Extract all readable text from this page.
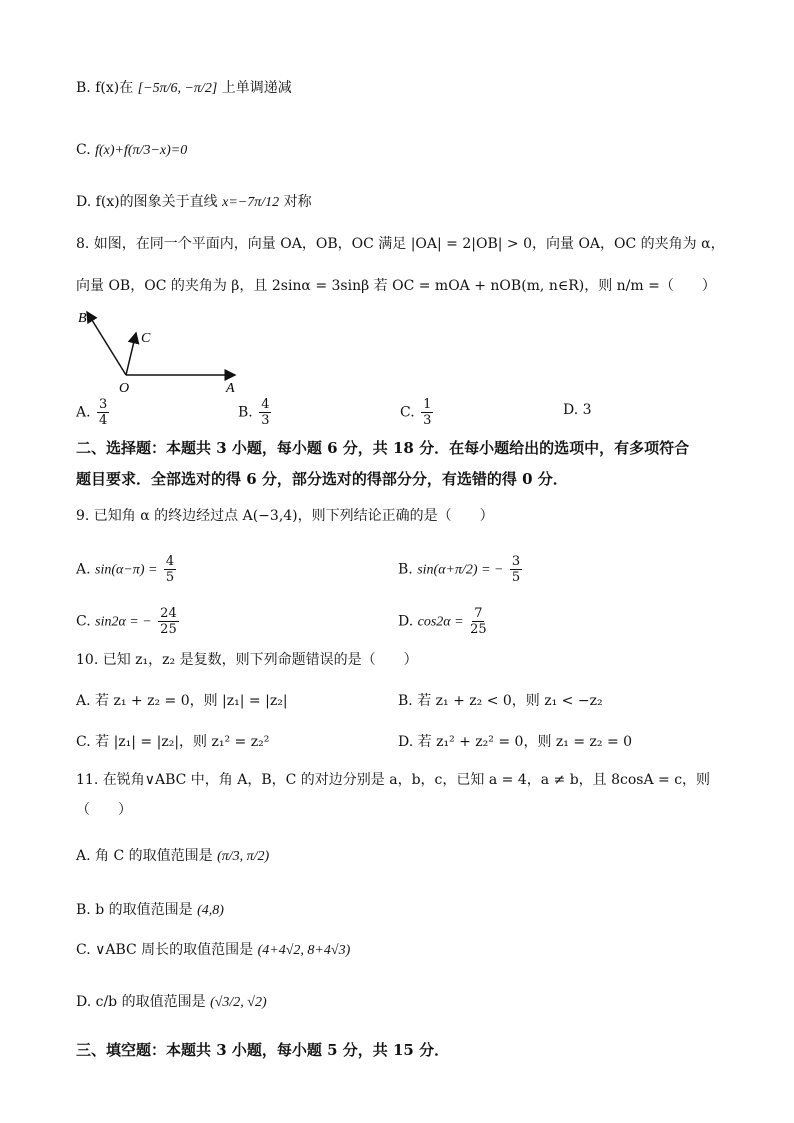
B. f(x)在 [−5π/6, −π/2] 上单调递减
C. f(x)+f(π/3−x)=0
D. f(x)的图象关于直线 x=−7π/12 对称
8. 如图，在同一个平面内，向量 OA，OB，OC 满足 |OA| = 2|OB| > 0，向量 OA，OC 的夹角为 α，
向量 OB，OC 的夹角为 β，且 2sinα = 3sinβ 若 OC = mOA + nOB(m, n∈R)，则 n/m =（　　）
B
C
O	A
A. $\frac{3}{4}$	B. $\frac{4}{3}$	C. $\frac{1}{3}$	D. 3
二、选择题：本题共 3 小题，每小题 6 分，共 18 分．在每小题给出的选项中，有多项符合
题目要求．全部选对的得 6 分，部分选对的得部分分，有选错的得 0 分．
9. 已知角 α 的终边经过点 A(−3,4)，则下列结论正确的是（　　）
A. $\sin(\alpha-\pi) = \frac{4}{5}$	B. sin(α+π/2) = − $\frac{3}{5}$
C. sin2α = − $\frac{24}{25}$	D. $\cos 2\alpha = \frac{7}{25}$
10. 已知 z₁，z₂ 是复数，则下列命题错误的是（　　）
A. 若 z₁ + z₂ = 0，则 |z₁| = |z₂|	B. 若 z₁ + z₂ < 0，则 z₁ < −z₂
C. 若 |z₁| = |z₂|，则 z₁² = z₂²	D. 若 z₁² + z₂² = 0，则 z₁ = z₂ = 0
11. 在锐角∨ABC 中，角 A，B，C 的对边分别是 a，b，c，已知 a = 4，a ≠ b，且 8cosA = c，则
（　　）
A. 角 C 的取值范围是 (π/3, π/2)
B. b 的取值范围是 (4,8)
C. ∨ABC 周长的取值范围是 (4+4√2, 8+4√3)
D. c/b 的取值范围是 (√3/2, √2)
三、填空题：本题共 3 小题，每小题 5 分，共 15 分．
